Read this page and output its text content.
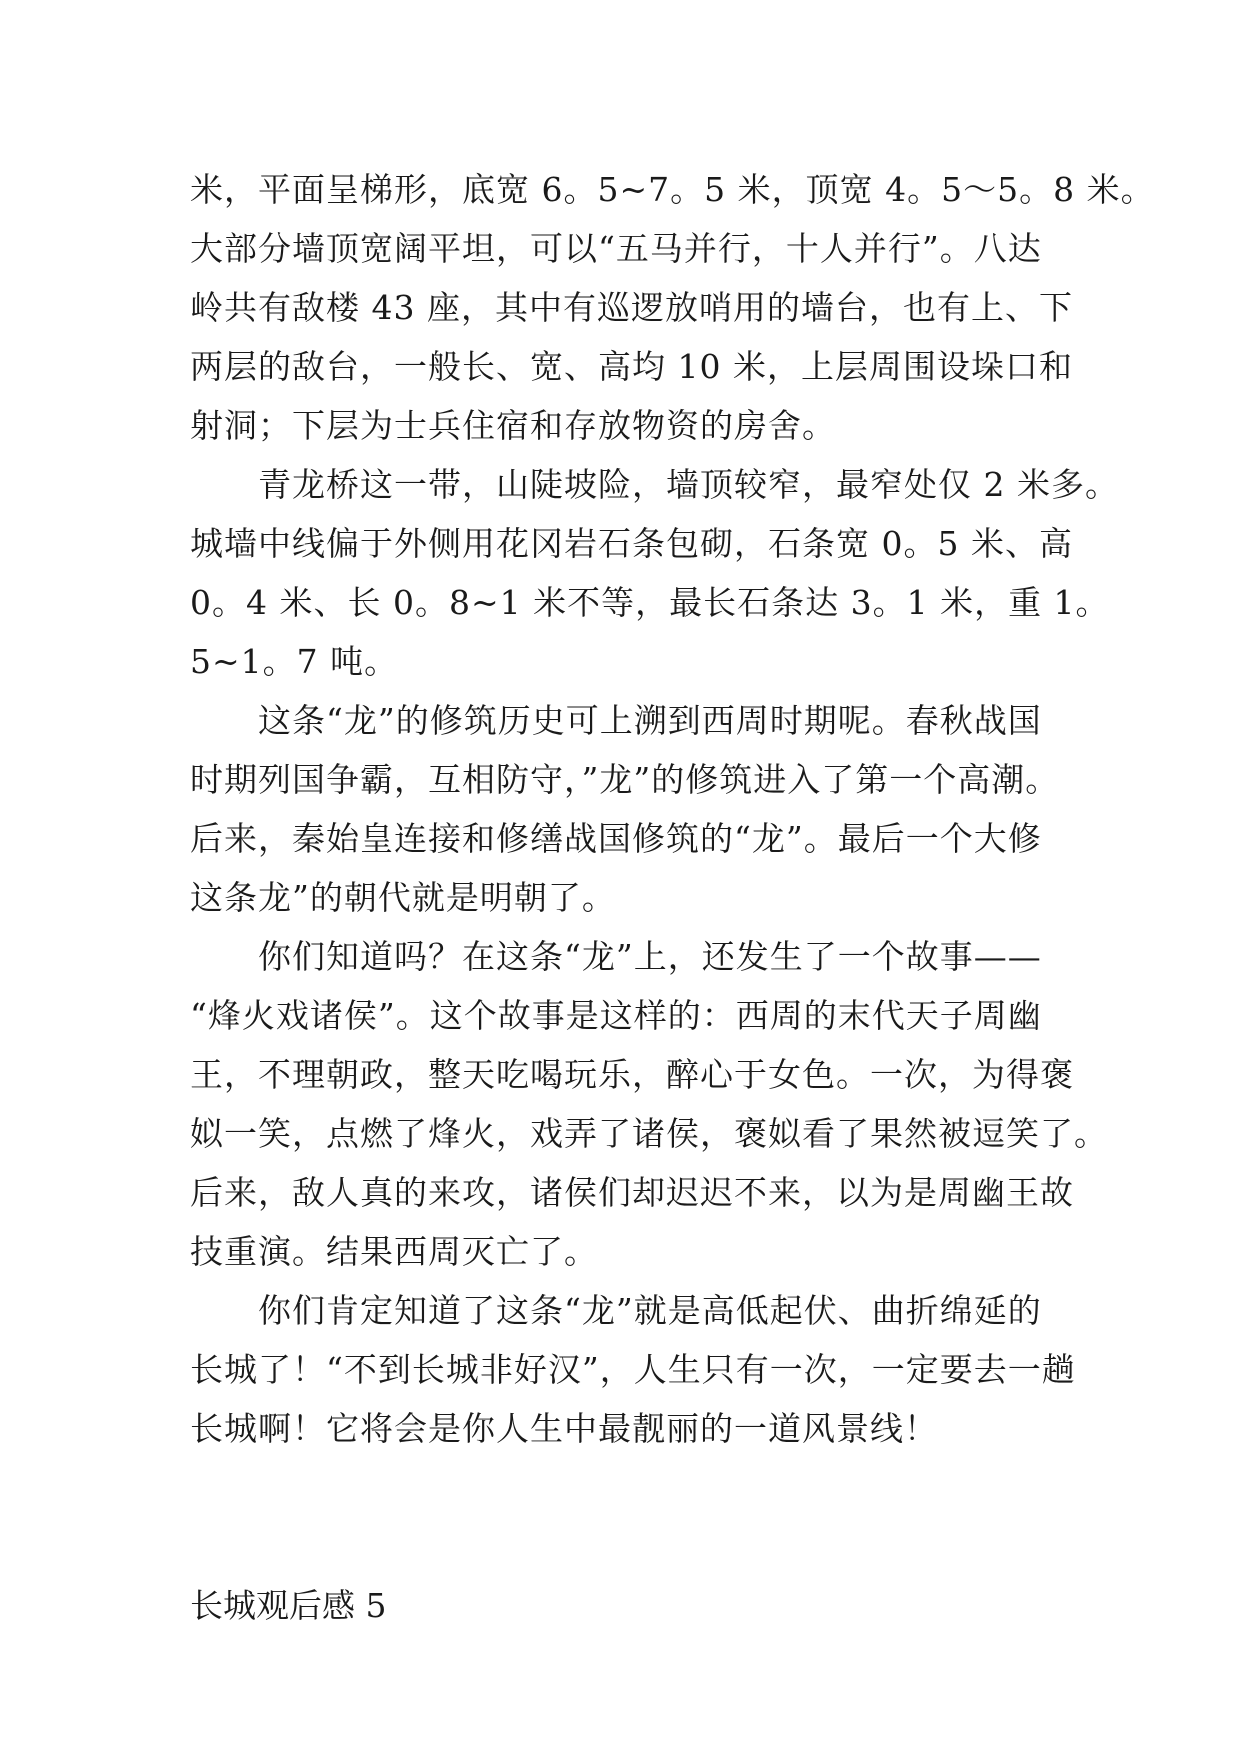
米，平面呈梯形，底宽 6。5~7。5 米，顶宽 4。5～5。8 米。
大部分墙顶宽阔平坦，可以“五马并行，十人并行”。八达
岭共有敌楼 43 座，其中有巡逻放哨用的墙台，也有上、下
两层的敌台，一般长、宽、高均 10 米，上层周围设垛口和
射洞；下层为士兵住宿和存放物资的房舍。
青龙桥这一带，山陡坡险，墙顶较窄，最窄处仅 2 米多。
城墙中线偏于外侧用花冈岩石条包砌，石条宽 0。5 米、高
0。4 米、长 0。8~1 米不等，最长石条达 3。1 米，重 1。
5~1。7 吨。
这条“龙”的修筑历史可上溯到西周时期呢。春秋战国
时期列国争霸，互相防守，”龙”的修筑进入了第一个高潮。
后来，秦始皇连接和修缮战国修筑的“龙”。最后一个大修
这条龙”的朝代就是明朝了。
你们知道吗？在这条“龙”上，还发生了一个故事——
“烽火戏诸侯”。这个故事是这样的：西周的末代天子周幽
王，不理朝政，整天吃喝玩乐，醉心于女色。一次，为得褒
姒一笑，点燃了烽火，戏弄了诸侯，褒姒看了果然被逗笑了。
后来，敌人真的来攻，诸侯们却迟迟不来，以为是周幽王故
技重演。结果西周灭亡了。
你们肯定知道了这条“龙”就是高低起伏、曲折绵延的
长城了！“不到长城非好汉”，人生只有一次，一定要去一趟
长城啊！它将会是你人生中最靓丽的一道风景线！
长城观后感 5
